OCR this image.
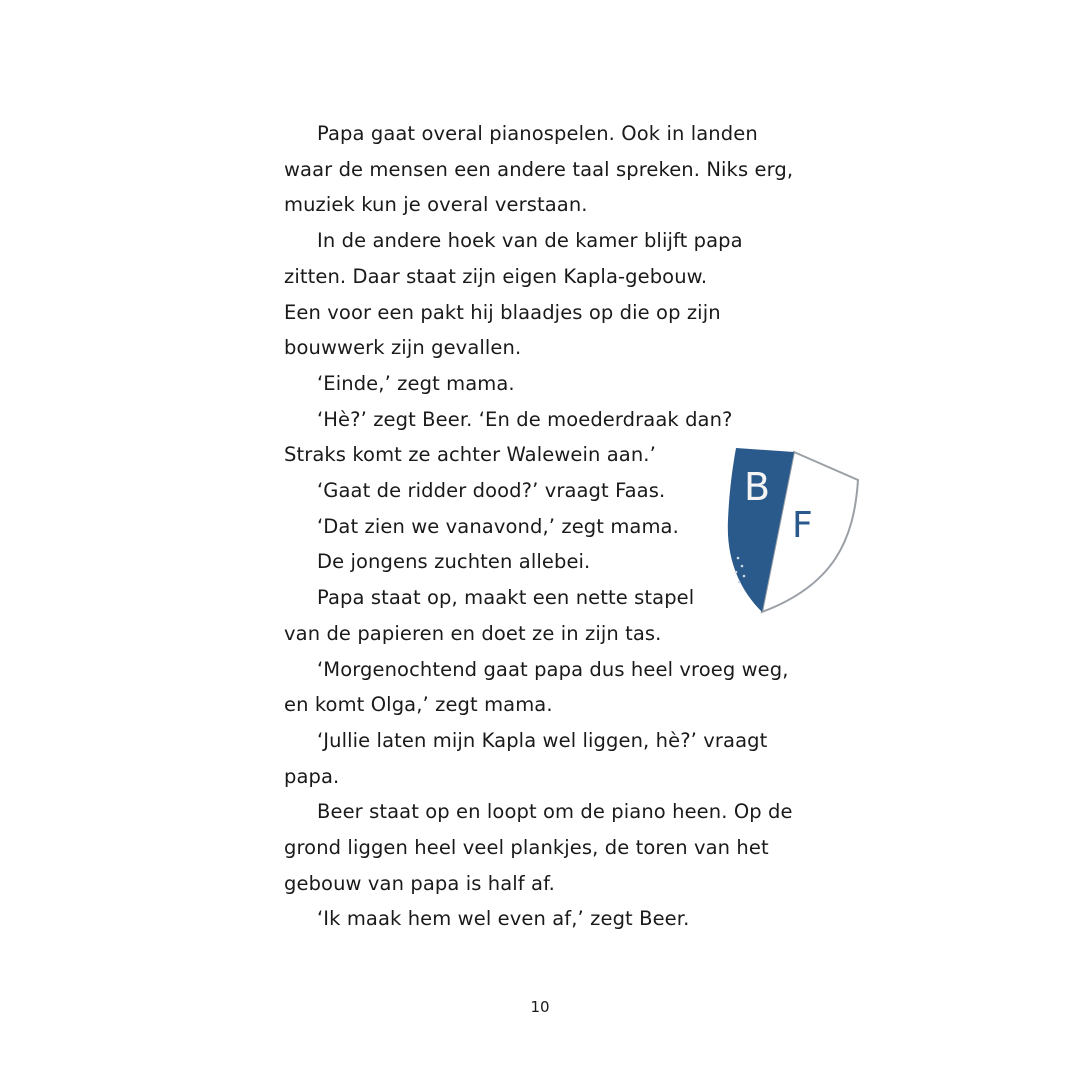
Papa gaat overal pianospelen. Ook in landen

waar de mensen een andere taal spreken. Niks erg,

muziek kun je overal verstaan.

In de andere hoek van de kamer blijft papa

zitten. Daar staat zijn eigen Kapla-gebouw.

Een voor een pakt hij blaadjes op die op zijn

bouwwerk zijn gevallen.

‘Einde,’ zegt mama.

‘Hè?’ zegt Beer. ‘En de moederdraak dan?

Straks komt ze achter Walewein aan.’

‘Gaat de ridder dood?’ vraagt Faas.

‘Dat zien we vanavond,’ zegt mama.

De jongens zuchten allebei.

Papa staat op, maakt een nette stapel

van de papieren en doet ze in zijn tas.

‘Morgenochtend gaat papa dus heel vroeg weg,

en komt Olga,’ zegt mama.

‘Jullie laten mijn Kapla wel liggen, hè?’ vraagt

papa.

Beer staat op en loopt om de piano heen. Op de

grond liggen heel veel plankjes, de toren van het

gebouw van papa is half af.

‘Ik maak hem wel even af,’ zegt Beer.

B
F
10
